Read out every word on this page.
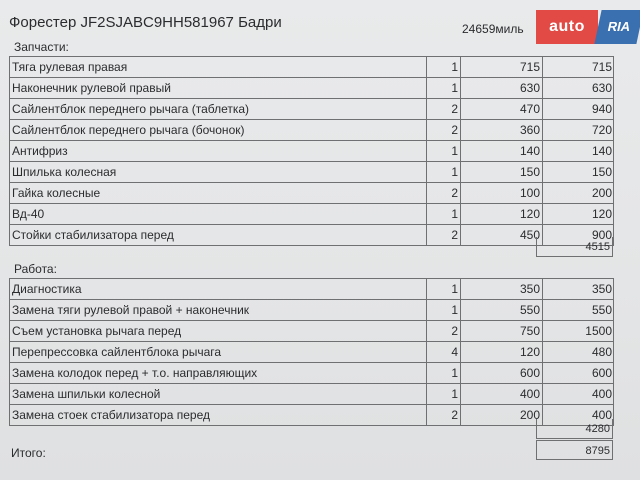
Форестер JF2SJABC9HH581967 Бадри	24659миль	auto	RIA
Запчасти:
Тяга рулевая правая	1	715	715
Наконечник рулевой правый	1	630	630
Сайлентблок переднего рычага (таблетка)	2	470	940
Сайлентблок переднего рычага (бочонок)	2	360	720
Антифриз	1	140	140
Шпилька колесная	1	150	150
Гайка колесные	2	100	200
Вд-40	1	120	120
Стойки стабилизатора перед	2	450	900
4515
Работа:
Диагностика	1	350	350
Замена тяги рулевой правой + наконечник	1	550	550
Съем установка рычага перед	2	750	1500
Перепрессовка сайлентблока рычага	4	120	480
Замена колодок перед + т.о. направляющих	1	600	600
Замена шпильки колесной	1	400	400
Замена стоек стабилизатора перед	2	200	400
4280
Итого:	8795
